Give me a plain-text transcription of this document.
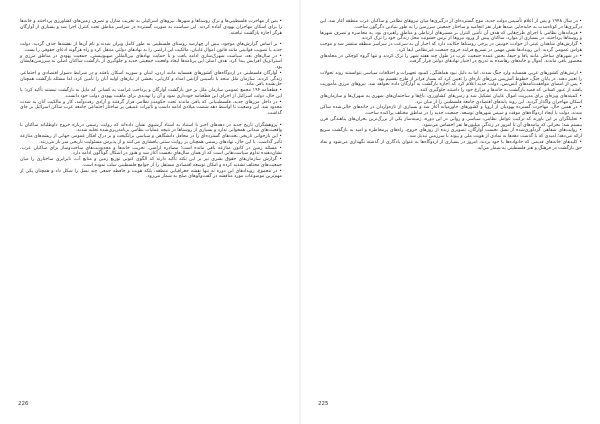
• پس از مهاجرت فلسطینی‌ها و ترک روستاها و شهرها، نیروهای اسرائیلی به تخریب منازل و تصرف زمین‌های کشاورزی پرداختند و خانه‌ها را برای اسکان مهاجران یهودی آماده کردند. این سیاست به صورت گسترده در سراسر مناطق تحت کنترل اجرا شد و بسیاری از آوارگان هرگز اجازه بازگشت نیافتند.

• بر اساس گزارش‌های موجود، بیش از چهارصد روستای فلسطینی به طور کامل ویران شدند و نام آن‌ها از نقشه‌ها حذف گردید. دولت جدید با تصویب قوانینی مانند قانون اموال غایبان، مالکیت این اراضی را به نهادهای دولتی منتقل کرد و راه هرگونه ادعای حقوقی را بست.

• در سال‌های بعد، سیاست شهرک‌سازی ادامه یافت و با حمایت نهادهای بین‌المللی صهیونیستی، جمعیت یهودی در مناطق مرزی و استراتژیک افزایش پیدا کرد. هدف اصلی این برنامه‌ها ایجاد واقعیت جمعیتی جدید و جلوگیری از بازگشت ساکنان اصلی به سرزمین‌هایشان بود.

• آوارگان فلسطینی در اردوگاه‌های کشورهای همسایه مانند اردن، لبنان و سوریه اسکان یافتند و در شرایط دشوار اقتصادی و اجتماعی زندگی کردند. سازمان ملل متحد با تأسیس آژانس امداد و کاریابی، بخشی از نیازهای اولیه آنان را تأمین کرد، اما مسئله بازگشت همچنان حل‌نشده باقی ماند.

• قطعنامه ۱۹۴ مجمع عمومی سازمان ملل بر حق بازگشت آوارگان و پرداخت غرامت به کسانی که مایل به بازگشت نیستند تأکید کرد؛ با این حال، دولت اسرائیل از اجرای این قطعنامه خودداری نمود و آن را تهدیدی برای ماهیت یهودی دولت خود دانست.

• در داخل مرزهای جدید، فلسطینیانی که باقی ماندند تحت حکومت نظامی قرار گرفتند و آزادی رفت‌وآمد، کار و مالکیت آنان به شدت محدود شد. این وضعیت تا اواسط دهه شصت میلادی ادامه داشت و تأثیرات عمیقی بر ساختار اجتماعی جامعه عرب ساکن اسرائیل بر جای گذاشت.

• پژوهشگران تاریخ جدید در دهه‌های اخیر با استناد به اسناد آرشیوی نشان داده‌اند که روایت رسمی درباره خروج داوطلبانه ساکنان با واقعیت‌های میدانی همخوانی ندارد و بسیاری از روستاها در نتیجه عملیات نظامی برنامه‌ریزی‌شده تخلیه شدند.

• این بازخوانی تاریخی بحث‌های گسترده‌ای را در محافل دانشگاهی و سیاسی برانگیخت و بر درک افکار عمومی جهانی از ریشه‌های منازعه تأثیر گذاشت. با این حال، نهادهای رسمی همچنان بر روایت سنتی پافشاری می‌کنند و از پذیرش مسئولیت تاریخی سر باز می‌زنند.

• مسئله زمین در کانون منازعه باقی مانده است؛ مصادره اراضی، تخریب خانه‌ها و محدودیت‌های ساخت‌وساز برای ساکنان عرب، نشان‌دهنده تداوم سیاست‌هایی است که از همان سال‌های نخست آغاز شد و هنوز در اشکال گوناگون ادامه دارد.

• گزارش سازمان‌های حقوق بشری نیز بر این نکته تأکید دارند که الگوی کنونی توزیع زمین و منابع آب، نابرابری ساختاری را میان جمعیت‌های مختلف تشدید کرده و امکان توسعه اقتصادی مستقل را از جوامع فلسطینی سلب نموده است.

• در مجموع، رویدادهای این دوره نه تنها نقشه جغرافیایی منطقه، بلکه هویت و حافظه جمعی چند نسل را شکل داد و همچنان یکی از مهم‌ترین موضوعات مورد مناقشه در گفت‌وگوهای صلح به شمار می‌رود.

226

• در سال ۱۹۴۸ و پس از اعلام تأسیس دولت جدید، موج گسترده‌ای از درگیری‌ها میان نیروهای نظامی و ساکنان عرب منطقه آغاز شد. این درگیری‌ها در کوتاه‌مدت به جابه‌جایی صدها هزار نفر انجامید و ساختار جمعیتی سرزمین را به طور بنیادین دگرگون ساخت.

• فرماندهان نظامی با اجرای طرح‌هایی که هدف آن تأمین کنترل بر مسیرهای ارتباطی و مناطق راهبردی بود، به محاصره و تصرف شهرها و روستاها پرداختند. در بسیاری از موارد، ساکنان پیش از ورود نیروها از ترس خشونت محل زندگی خود را ترک کردند.

• گزارش‌های شاهدان عینی از حوادث خونینی در برخی روستاها حکایت دارد که اخبار آن به سرعت در سراسر منطقه منتشر شد و موجب هراس عمومی گردید. این رویدادها نقش مهمی در تسریع فرایند خروج جمعیت غیرنظامی ایفا کرد.

• در شهرهای ساحلی مانند یافا و حیفا، بخش عمده جمعیت عرب در طول چند هفته شهر را ترک کردند و تنها گروه کوچکی در محله‌های محصور باقی ماندند. اموال و خانه‌های رهاشده به تدریج در اختیار نهادهای دولتی قرار گرفت.

• ارتش‌های کشورهای عربی همسایه وارد جنگ شدند، اما به دلیل نبود هماهنگی، کمبود تجهیزات و اختلافات سیاسی نتوانستند روند تحولات را تغییر دهند. در پایان جنگ، خطوط آتش‌بس مرزهای تازه‌ای را تعیین کرد که بسیار فراتر از طرح تقسیم بود.

• پس از امضای موافقت‌نامه‌های آتش‌بس، دولت جدید اعلام کرد که اجازه بازگشت به آوارگان داده نخواهد شد. نیروهای مرزی مأموریت یافتند از عبور کسانی که قصد بازگشت به خانه‌ها و مزارع خود را داشتند جلوگیری کنند.

• کمیته‌های ویژه‌ای برای مدیریت اموال غایبان تشکیل شد و زمین‌های کشاورزی، باغ‌ها و ساختمان‌های شهری به شهرک‌ها و سازمان‌های اسکان مهاجران واگذار گردید. این روند پایه‌های اقتصادی جامعه فلسطینی را از میان برد.

• در همین حال، مهاجرت گسترده یهودیان از اروپا و کشورهای خاورمیانه آغاز شد و بسیاری از تازه‌واردان در خانه‌های خالی‌شده ساکن شدند. دولت با ایجاد اردوگاه‌های موقت و سپس شهرهای توسعه، جمعیت جدید را در مناطق مختلف پراکنده ساخت.

• تحلیلگران بر این باورند که ترکیب عوامل نظامی، سیاسی و روانی در این دوره، زمینه‌ساز یکی از بزرگ‌ترین بحران‌های پناهندگی قرن بیستم شد؛ بحرانی که پیامدهای آن تا امروز در زندگی میلیون‌ها نفر احساس می‌شود.

• روایت‌های شفاهی گردآوری‌شده از نسل نخست آوارگان، تصویری زنده از روزهای خروج، راه‌های پرمخاطره و امید به بازگشت سریع ارائه می‌دهد؛ امیدی که با گذشت دهه‌ها به نمادی از هویت ملی و پیوند با سرزمین تبدیل شد.

• کلیدهای خانه‌های قدیمی که خانواده‌ها با خود بردند، امروز در بسیاری از اردوگاه‌ها به عنوان یادگاری از گذشته نگهداری می‌شود و نماد حق بازگشت در فرهنگ و هنر فلسطینی به شمار می‌آید.

225
